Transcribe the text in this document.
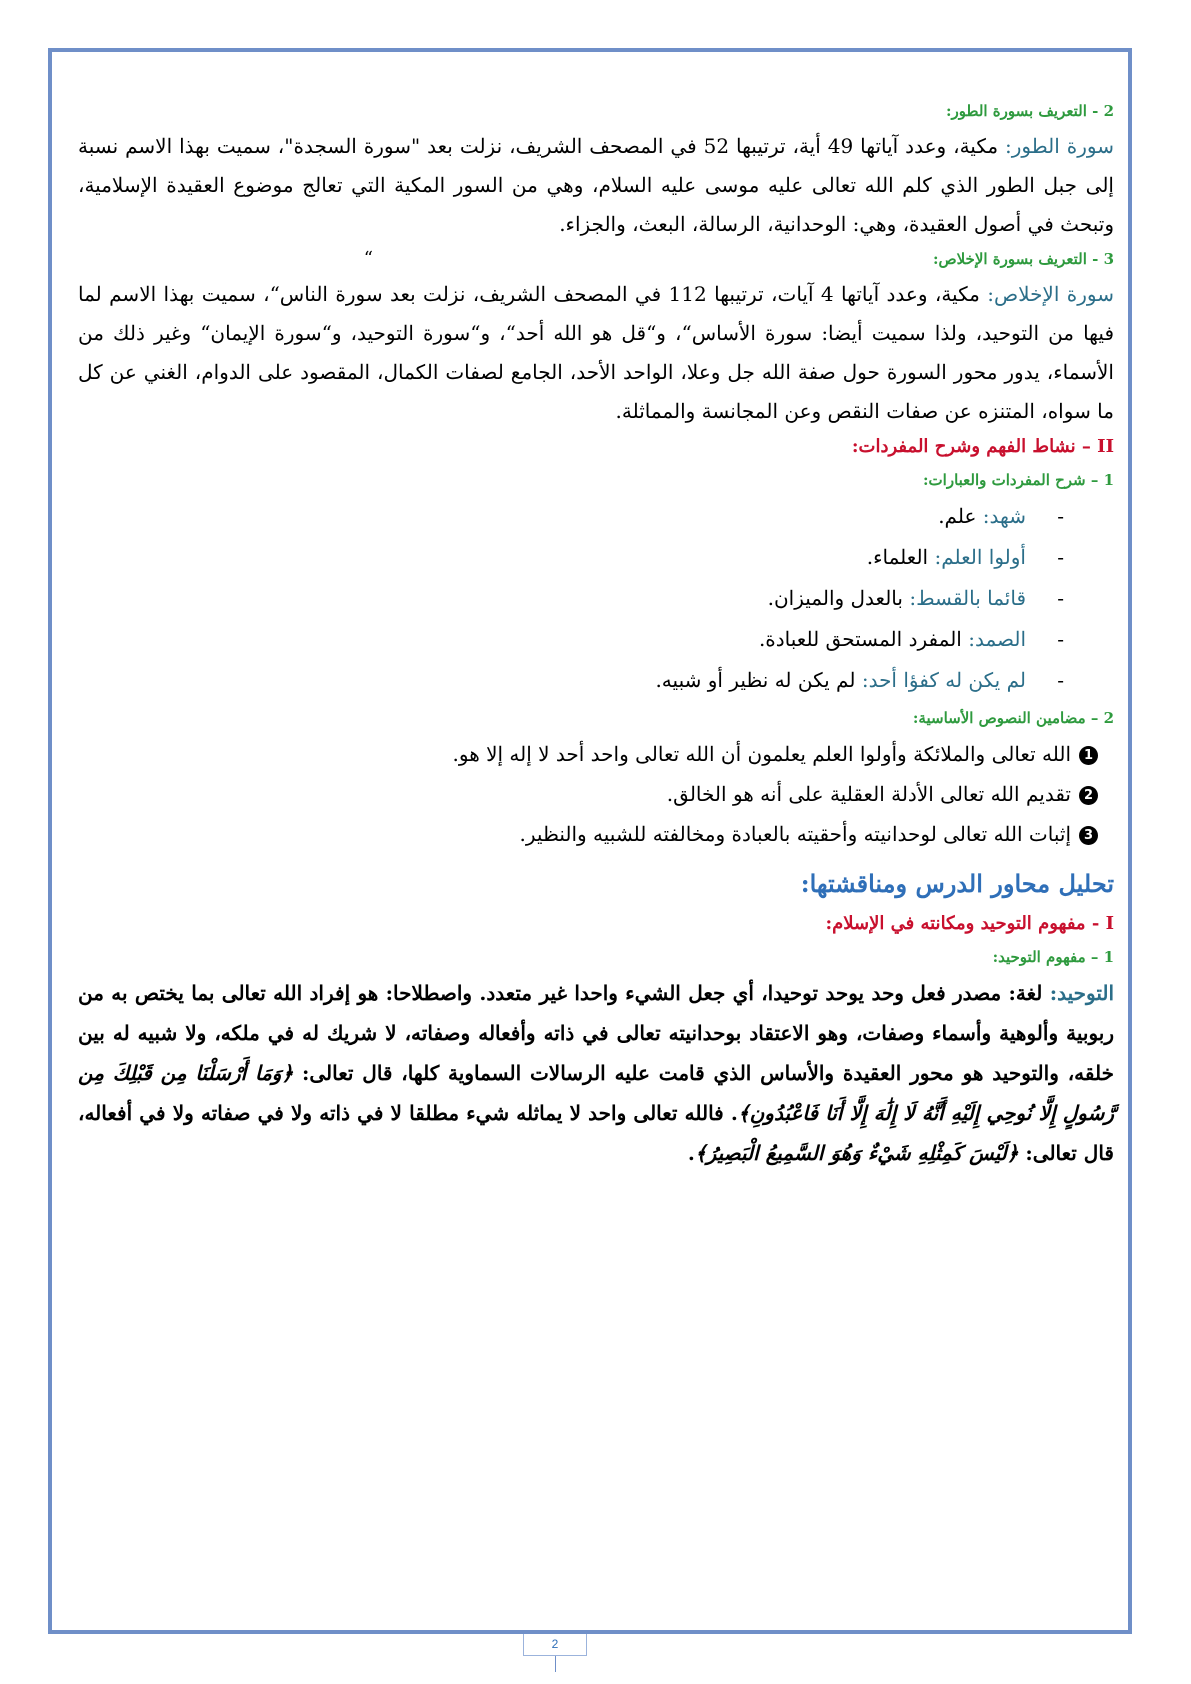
2 - التعريف بسورة الطور:

سورة الطور: مكية، وعدد آياتها 49 أية، ترتيبها 52 في المصحف الشريف، نزلت بعد "سورة السجدة"، سميت بهذا الاسم نسبة إلى جبل الطور الذي كلم الله تعالى عليه موسى عليه السلام، وهي من السور المكية التي تعالج موضوع العقيدة الإسلامية، وتبحث في أصول العقيدة، وهي: الوحدانية، الرسالة، البعث، والجزاء.

3 - التعريف بسورة الإخلاص:“

سورة الإخلاص: مكية، وعدد آياتها 4 آيات، ترتيبها 112 في المصحف الشريف، نزلت بعد سورة الناس“، سميت بهذا الاسم لما فيها من التوحيد، ولذا سميت أيضا: سورة الأساس“، و“قل هو الله أحد“، و“سورة التوحيد، و“سورة الإيمان“ وغير ذلك من الأسماء، يدور محور السورة حول صفة الله جل وعلا، الواحد الأحد، الجامع لصفات الكمال، المقصود على الدوام، الغني عن كل ما سواه، المتنزه عن صفات النقص وعن المجانسة والمماثلة.

II – نشاط الفهم وشرح المفردات:
1 – شرح المفردات والعبارات:
-شهد: علم.
-أولوا العلم: العلماء.
-قائما بالقسط: بالعدل والميزان.
-الصمد: المفرد المستحق للعبادة.
-لم يكن له كفؤا أحد: لم يكن له نظير أو شبيه.
2 – مضامين النصوص الأساسية:
1الله تعالى والملائكة وأولوا العلم يعلمون أن الله تعالى واحد أحد لا إله إلا هو.
2تقديم الله تعالى الأدلة العقلية على أنه هو الخالق.
3إثبات الله تعالى لوحدانيته وأحقيته بالعبادة ومخالفته للشبيه والنظير.
تحليل محاور الدرس ومناقشتها:
I - مفهوم التوحيد ومكانته في الإسلام:
1 – مفهوم التوحيد:

التوحيد: لغة: مصدر فعل وحد يوحد توحيدا، أي جعل الشيء واحدا غير متعدد. واصطلاحا: هو إفراد الله تعالى بما يختص به من ربوبية وألوهية وأسماء وصفات، وهو الاعتقاد بوحدانيته تعالى في ذاته وأفعاله وصفاته، لا شريك له في ملكه، ولا شبيه له بين خلقه، والتوحيد هو محور العقيدة والأساس الذي قامت عليه الرسالات السماوية كلها، قال تعالى: ﴿وَمَا أَرْسَلْنَا مِن قَبْلِكَ مِن رَّسُولٍ إِلَّا نُوحِي إِلَيْهِ أَنَّهُ لَا إِلَٰهَ إِلَّا أَنَا فَاعْبُدُونِ﴾. فالله تعالى واحد لا يماثله شيء مطلقا لا في ذاته ولا في صفاته ولا في أفعاله، قال تعالى: ﴿لَيْسَ كَمِثْلِهِ شَيْءٌ وَهُوَ السَّمِيعُ الْبَصِيرُ﴾.

2
